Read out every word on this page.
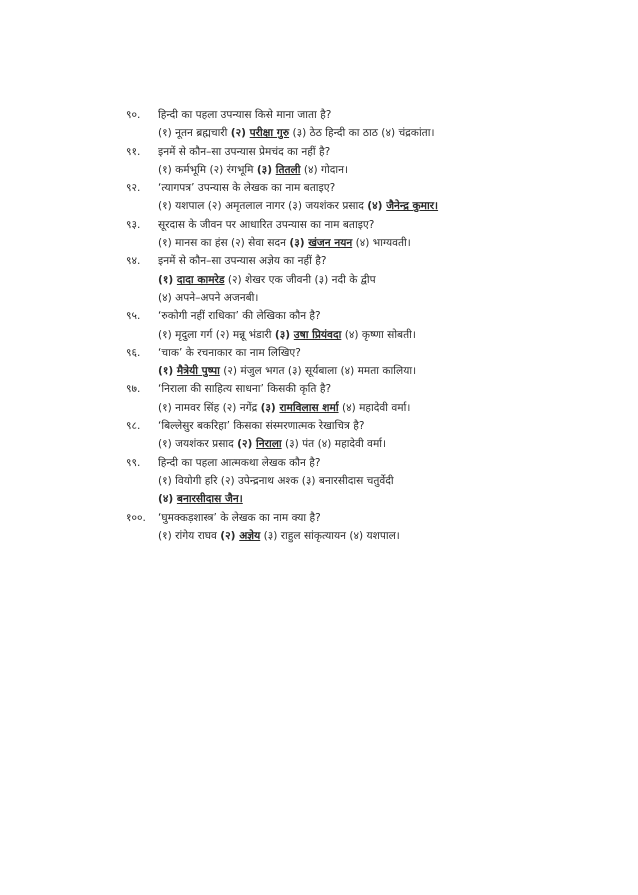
९०.	हिन्दी का पहला उपन्यास किसे माना जाता है?
(१) नूतन ब्रह्मचारी (२) परीक्षा गुरु (३) ठेठ हिन्दी का ठाठ (४) चंद्रकांता।
९१.	इनमें से कौन–सा उपन्यास प्रेमचंद का नहीं है?
(१) कर्मभूमि (२) रंगभूमि (३) तितली (४) गोदान।
९२.	‘त्यागपत्र’ उपन्यास के लेखक का नाम बताइए?
(१) यशपाल (२) अमृतलाल नागर (३) जयशंकर प्रसाद (४) जैनेन्द्र कुमार।
९३.	सूरदास के जीवन पर आधारित उपन्यास का नाम बताइए?
(१) मानस का हंस (२) सेवा सदन (३) खंजन नयन (४) भाग्यवती।
९४.	इनमें से कौन–सा उपन्यास अज्ञेय का नहीं है?
(१) दादा कामरेड (२) शेखर एक जीवनी (३) नदी के द्वीप
(४) अपने–अपने अजनबी।
९५.	‘रुकोगी नहीं राधिका’ की लेखिका कौन है?
(१) मृदुला गर्ग (२) मन्नू भंडारी (३) उषा प्रियंवदा (४) कृष्णा सोबती।
९६.	‘चाक’ के रचनाकार का नाम लिखिए?
(१) मैत्रेयी पुष्पा (२) मंजुल भगत (३) सूर्यबाला (४) ममता कालिया।
९७.	‘निराला की साहित्य साधना’ किसकी कृति है?
(१) नामवर सिंह (२) नगेंद्र (३) रामविलास शर्मा (४) महादेवी वर्मा।
९८.	‘बिल्लेसुर बकरिहा’ किसका संस्मरणात्मक रेखाचित्र है?
(१) जयशंकर प्रसाद (२) निराला (३) पंत (४) महादेवी वर्मा।
९९.	हिन्दी का पहला आत्मकथा लेखक कौन है?
(१) वियोगी हरि (२) उपेन्द्रनाथ अश्क (३) बनारसीदास चतुर्वेदी
(४) बनारसीदास जैन।
१००.	‘घुमक्कड़शास्त्र’ के लेखक का नाम क्या है?
(१) रांगेय राघव (२) अज्ञेय (३) राहुल सांकृत्यायन (४) यशपाल।
